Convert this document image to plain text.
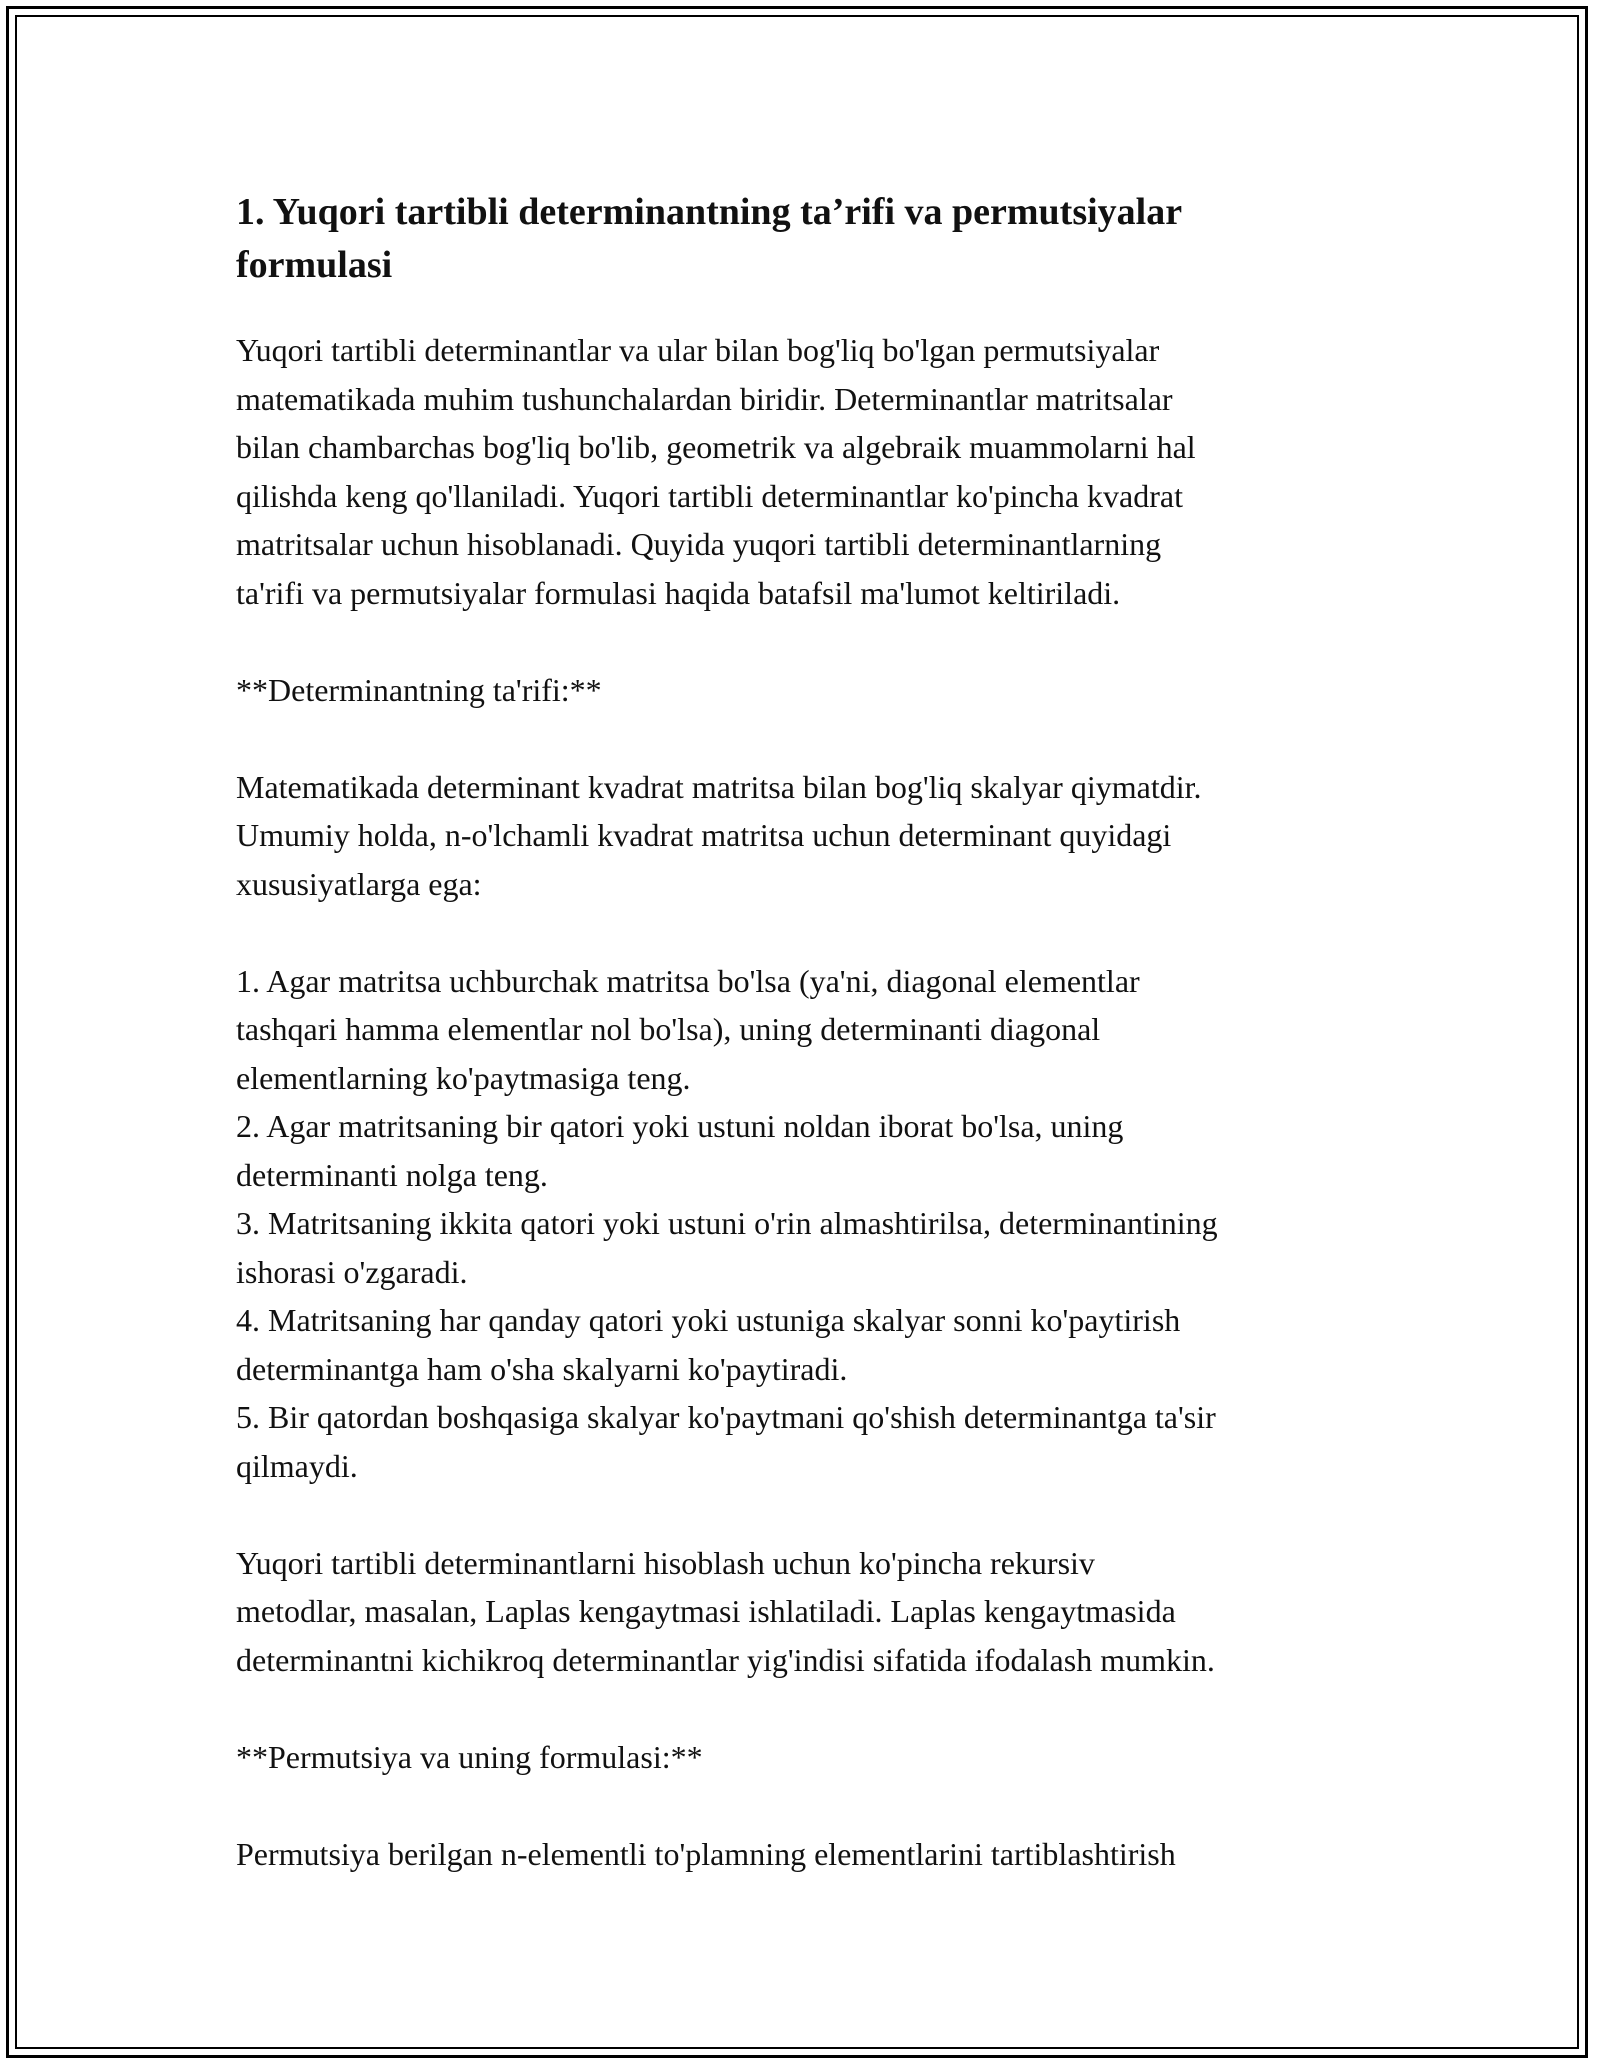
1. Yuqori tartibli determinantning ta’rifi va permutsiyalar
formulasi

Yuqori tartibli determinantlar va ular bilan bog'liq bo'lgan permutsiyalar
matematikada muhim tushunchalardan biridir. Determinantlar matritsalar
bilan chambarchas bog'liq bo'lib, geometrik va algebraik muammolarni hal
qilishda keng qo'llaniladi. Yuqori tartibli determinantlar ko'pincha kvadrat
matritsalar uchun hisoblanadi. Quyida yuqori tartibli determinantlarning
ta'rifi va permutsiyalar formulasi haqida batafsil ma'lumot keltiriladi.

**Determinantning ta'rifi:**

Matematikada determinant kvadrat matritsa bilan bog'liq skalyar qiymatdir.
Umumiy holda, n-o'lchamli kvadrat matritsa uchun determinant quyidagi
xususiyatlarga ega:

1. Agar matritsa uchburchak matritsa bo'lsa (ya'ni, diagonal elementlar
tashqari hamma elementlar nol bo'lsa), uning determinanti diagonal
elementlarning ko'paytmasiga teng.
2. Agar matritsaning bir qatori yoki ustuni noldan iborat bo'lsa, uning
determinanti nolga teng.
3. Matritsaning ikkita qatori yoki ustuni o'rin almashtirilsa, determinantining
ishorasi o'zgaradi.
4. Matritsaning har qanday qatori yoki ustuniga skalyar sonni ko'paytirish
determinantga ham o'sha skalyarni ko'paytiradi.
5. Bir qatordan boshqasiga skalyar ko'paytmani qo'shish determinantga ta'sir
qilmaydi.

Yuqori tartibli determinantlarni hisoblash uchun ko'pincha rekursiv
metodlar, masalan, Laplas kengaytmasi ishlatiladi. Laplas kengaytmasida
determinantni kichikroq determinantlar yig'indisi sifatida ifodalash mumkin.

**Permutsiya va uning formulasi:**

Permutsiya berilgan n-elementli to'plamning elementlarini tartiblashtirish
